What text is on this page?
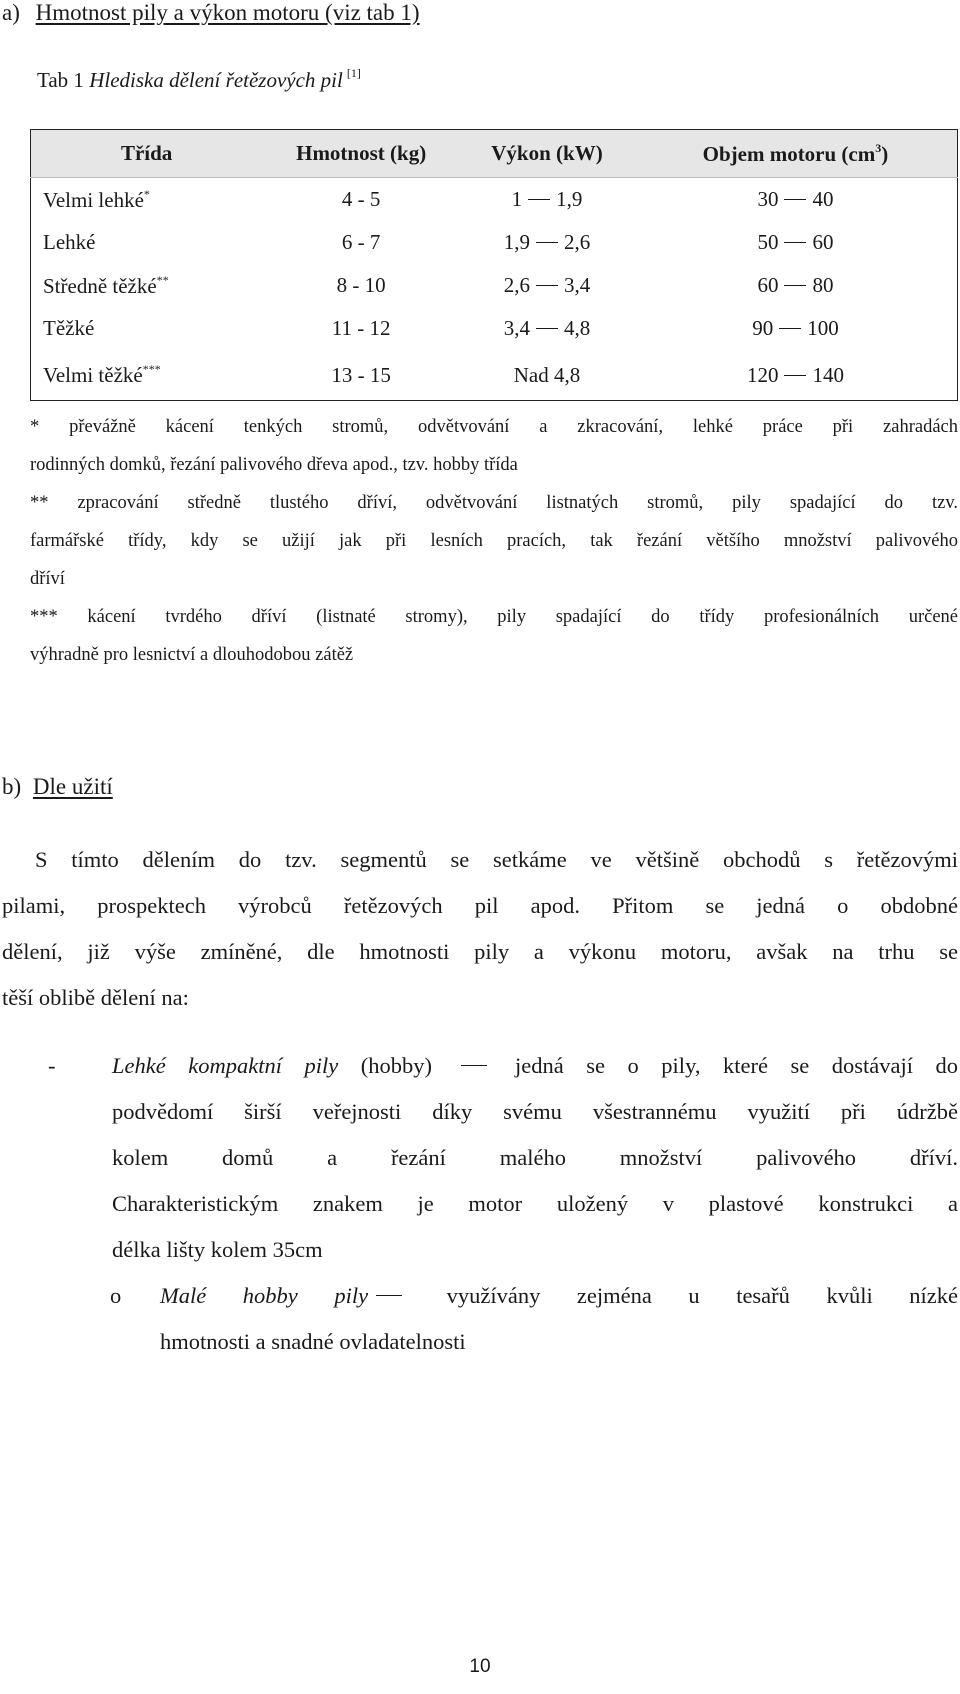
a) Hmotnost pily a výkon motoru (viz tab 1)
Tab 1 Hlediska dělení řetězových pil [1]
Třída	Hmotnost (kg)	Výkon (kW)	Objem motoru $(cm^3)$
Velmi lehké*	4 - 5	1 1,9	30 40
Lehké	6 - 7	1,9 2,6	50 60
Středně těžké**	8 - 10	2,6 3,4	60 80
Těžké	11 - 12	3,4 4,8	90 100
Velmi těžké***	13 - 15	Nad 4,8	120 140

* převážně kácení tenkých stromů, odvětvování a zkracování, lehké práce při zahradách

rodinných domků, řezání palivového dřeva apod., tzv. hobby třída

** zpracování středně tlustého dříví, odvětvování listnatých stromů, pily spadající do tzv.

farmářské třídy, kdy se užijí jak při lesních pracích, tak řezání většího množství palivového

dříví

*** kácení tvrdého dříví (listnaté stromy), pily spadající do třídy profesionálních určené

výhradně pro lesnictví a dlouhodobou zátěž

b) Dle užití

S tímto dělením do tzv. segmentů se setkáme ve většině obchodů s řetězovými

pilami, prospektech výrobců řetězových pil apod. Přitom se jedná o obdobné

dělení, již výše zmíněné, dle hmotnosti pily a výkonu motoru, avšak na trhu se

těší oblibě dělení na:

-	Lehké kompaktní pily (hobby)  jedná se o pily, které se dostávají do

podvědomí širší veřejnosti díky svému všestrannému využití při údržbě

kolem domů a řezání malého množství palivového dříví.

Charakteristickým znakem je motor uložený v plastové konstrukci a

délka lišty kolem 35cm

o Malé hobby pily využívány zejména u tesařů kvůli nízké

hmotnosti a snadné ovladatelnosti

10
